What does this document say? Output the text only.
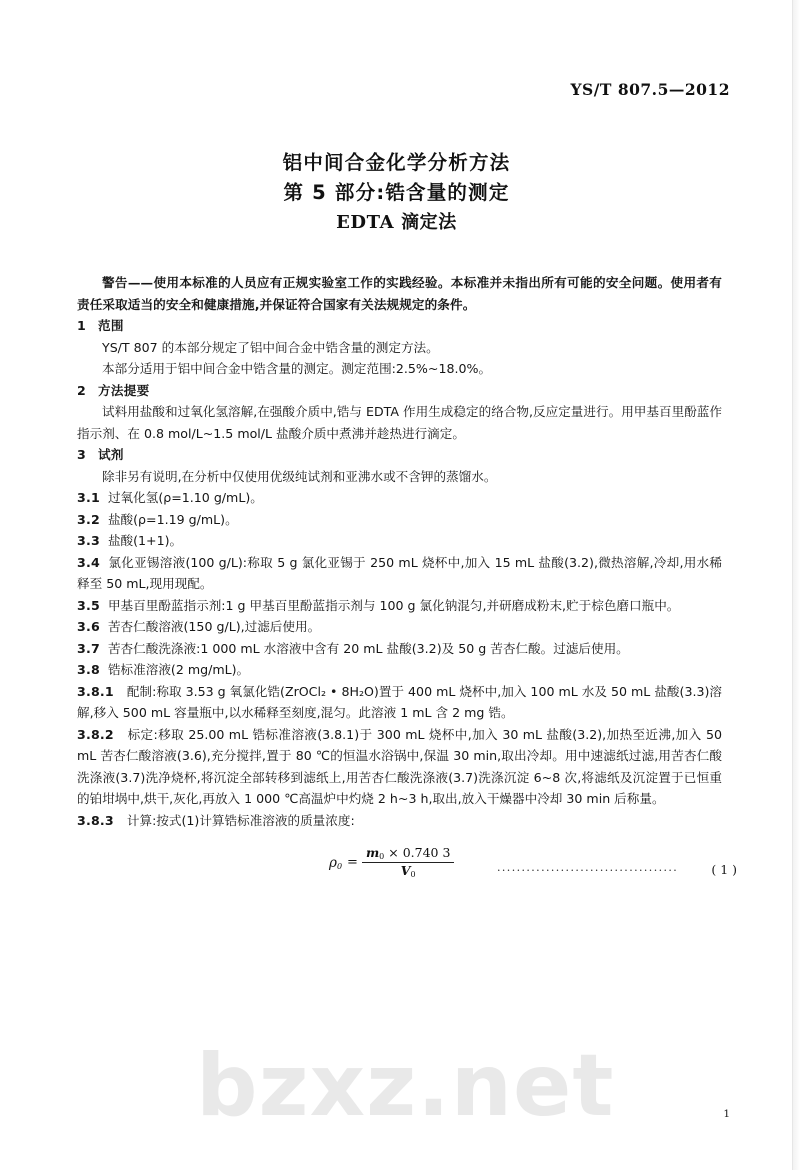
bzxz.net
YS/T 807.5—2012
铝中间合金化学分析方法
第 5 部分:锆含量的测定
EDTA 滴定法

警告——使用本标准的人员应有正规实验室工作的实践经验。本标准并未指出所有可能的安全问题。使用者有责任采取适当的安全和健康措施,并保证符合国家有关法规规定的条件。

1 范围

YS/T 807 的本部分规定了铝中间合金中锆含量的测定方法。

本部分适用于铝中间合金中锆含量的测定。测定范围:2.5%~18.0%。

2 方法提要

试料用盐酸和过氧化氢溶解,在强酸介质中,锆与 EDTA 作用生成稳定的络合物,反应定量进行。用甲基百里酚蓝作指示剂、在 0.8 mol/L~1.5 mol/L 盐酸介质中煮沸并趁热进行滴定。

3 试剂

除非另有说明,在分析中仅使用优级纯试剂和亚沸水或不含钾的蒸馏水。

3.1 过氧化氢(ρ=1.10 g/mL)。

3.2 盐酸(ρ=1.19 g/mL)。

3.3 盐酸(1+1)。

3.4 氯化亚锡溶液(100 g/L):称取 5 g 氯化亚锡于 250 mL 烧杯中,加入 15 mL 盐酸(3.2),微热溶解,冷却,用水稀释至 50 mL,现用现配。

3.5 甲基百里酚蓝指示剂:1 g 甲基百里酚蓝指示剂与 100 g 氯化钠混匀,并研磨成粉末,贮于棕色磨口瓶中。

3.6 苦杏仁酸溶液(150 g/L),过滤后使用。

3.7 苦杏仁酸洗涤液:1 000 mL 水溶液中含有 20 mL 盐酸(3.2)及 50 g 苦杏仁酸。过滤后使用。

3.8 锆标准溶液(2 mg/mL)。

3.8.1 配制:称取 3.53 g 氧氯化锆(ZrOCl₂ • 8H₂O)置于 400 mL 烧杯中,加入 100 mL 水及 50 mL 盐酸(3.3)溶解,移入 500 mL 容量瓶中,以水稀释至刻度,混匀。此溶液 1 mL 含 2 mg 锆。

3.8.2 标定:移取 25.00 mL 锆标准溶液(3.8.1)于 300 mL 烧杯中,加入 30 mL 盐酸(3.2),加热至近沸,加入 50 mL 苦杏仁酸溶液(3.6),充分搅拌,置于 80 ℃的恒温水浴锅中,保温 30 min,取出冷却。用中速滤纸过滤,用苦杏仁酸洗涤液(3.7)洗净烧杯,将沉淀全部转移到滤纸上,用苦杏仁酸洗涤液(3.7)洗涤沉淀 6~8 次,将滤纸及沉淀置于已恒重的铂坩埚中,烘干,灰化,再放入 1 000 ℃高温炉中灼烧 2 h~3 h,取出,放入干燥器中冷却 30 min 后称量。

3.8.3 计算:按式(1)计算锆标准溶液的质量浓度:

$\rho_0 = \frac{m_0 \times 0.740 3}{V_0}$	·····································	( 1 )
1
